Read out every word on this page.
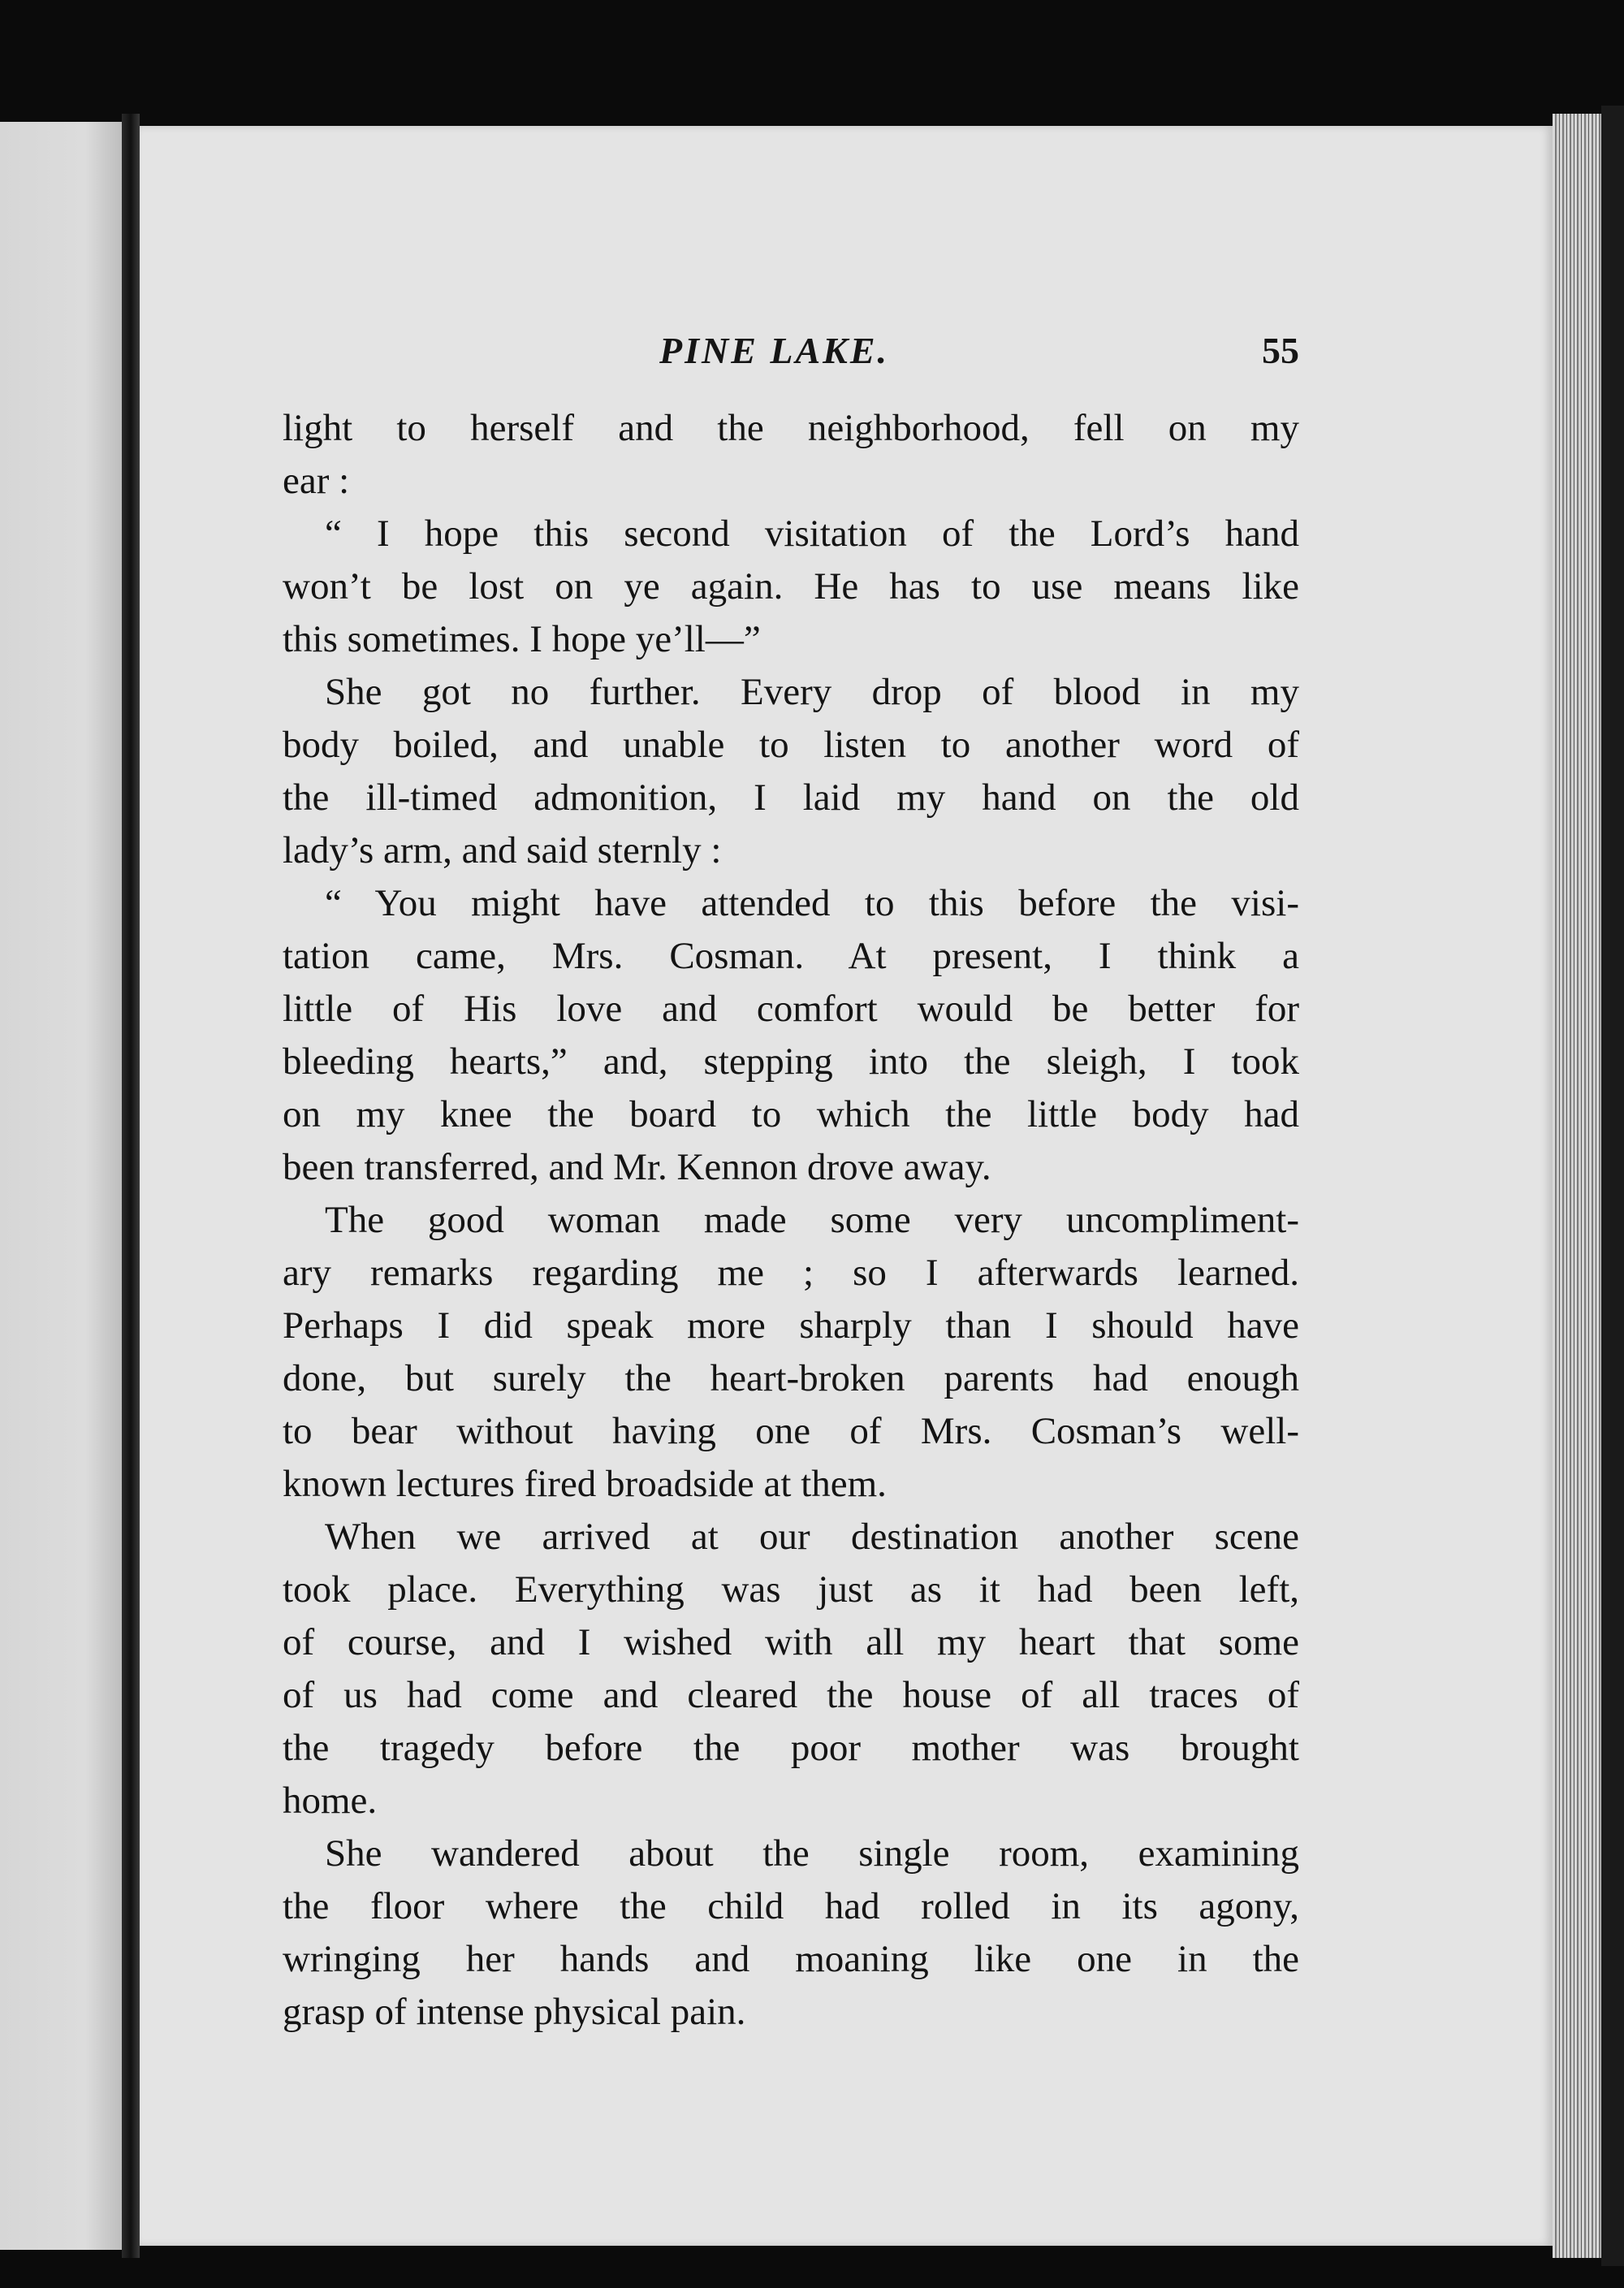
PINE LAKE.	55
light to herself and the neighborhood, fell on my
ear :
“ I hope this second visitation of the Lord’s hand
won’t be lost on ye again. He has to use means like
this sometimes. I hope ye’ll—”
She got no further. Every drop of blood in my
body boiled, and unable to listen to another word of
the ill-timed admonition, I laid my hand on the old
lady’s arm, and said sternly :
“ You might have attended to this before the visi-
tation came, Mrs. Cosman. At present, I think a
little of His love and comfort would be better for
bleeding hearts,” and, stepping into the sleigh, I took
on my knee the board to which the little body had
been transferred, and Mr. Kennon drove away.
The good woman made some very uncompliment-
ary remarks regarding me ; so I afterwards learned.
Perhaps I did speak more sharply than I should have
done, but surely the heart-broken parents had enough
to bear without having one of Mrs. Cosman’s well-
known lectures fired broadside at them.
When we arrived at our destination another scene
took place. Everything was just as it had been left,
of course, and I wished with all my heart that some
of us had come and cleared the house of all traces of
the tragedy before the poor mother was brought
home.
She wandered about the single room, examining
the floor where the child had rolled in its agony,
wringing her hands and moaning like one in the
grasp of intense physical pain.
